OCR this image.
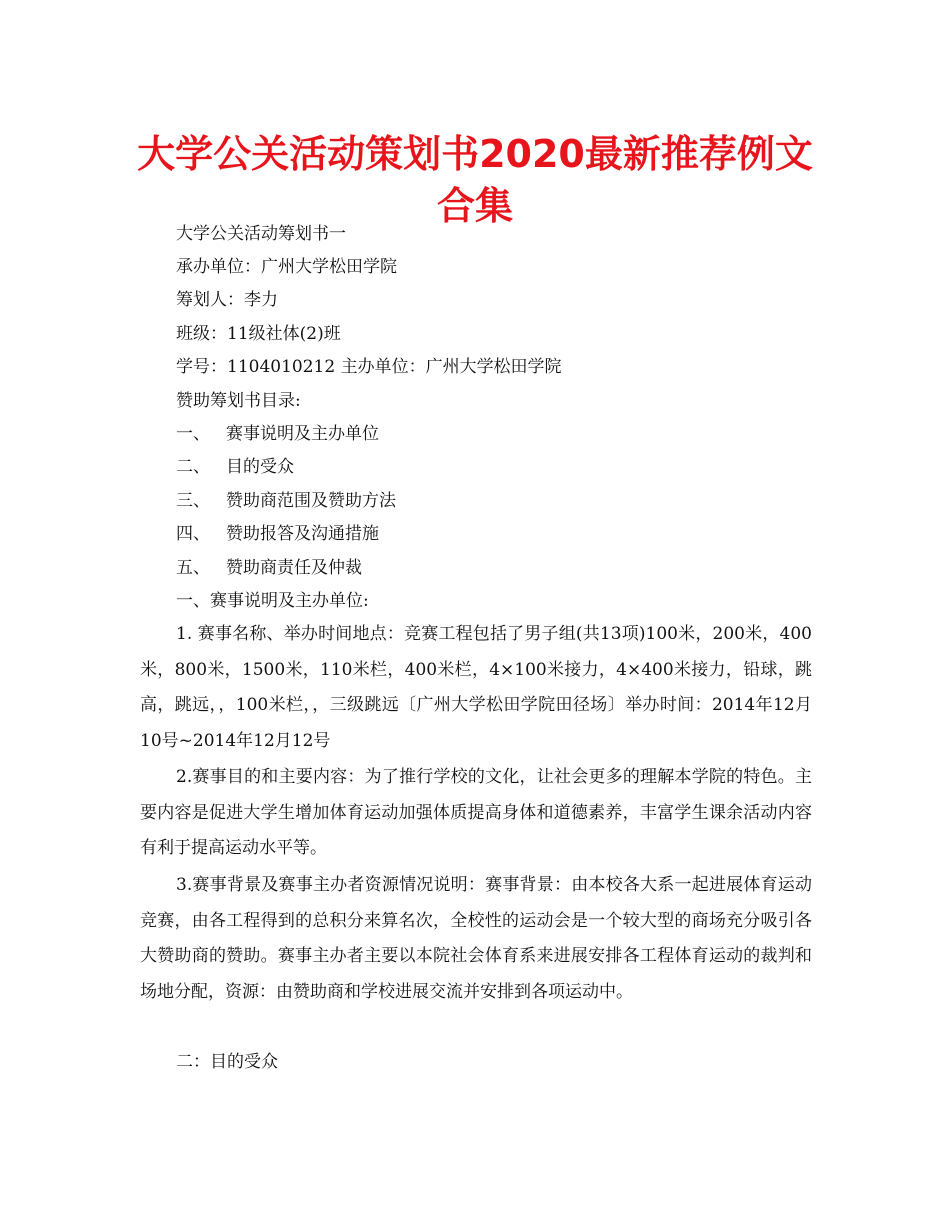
大学公关活动策划书2020最新推荐例文合集
大学公关活动筹划书一
承办单位：广州大学松田学院
筹划人：李力
班级：11级社体(2)班
学号：1104010212 主办单位：广州大学松田学院
赞助筹划书目录:
一、 赛事说明及主办单位
二、 目的受众
三、 赞助商范围及赞助方法
四、 赞助报答及沟通措施
五、 赞助商责任及仲裁
一、赛事说明及主办单位:

1. 赛事名称、举办时间地点：竞赛工程包括了男子组(共13项)100米，200米，400米，800米，1500米，110米栏，400米栏，4×100米接力，4×400米接力，铅球，跳高，跳远，，100米栏，，三级跳远〔广州大学松田学院田径场〕举办时间：2014年12月10号~2014年12月12号

2.赛事目的和主要内容：为了推行学校的文化，让社会更多的理解本学院的特色。主要内容是促进大学生增加体育运动加强体质提高身体和道德素养，丰富学生课余活动内容有利于提高运动水平等。

3.赛事背景及赛事主办者资源情况说明：赛事背景：由本校各大系一起进展体育运动竞赛，由各工程得到的总积分来算名次，全校性的运动会是一个较大型的商场充分吸引各大赞助商的赞助。赛事主办者主要以本院社会体育系来进展安排各工程体育运动的裁判和场地分配，资源：由赞助商和学校进展交流并安排到各项运动中。

二：目的受众
